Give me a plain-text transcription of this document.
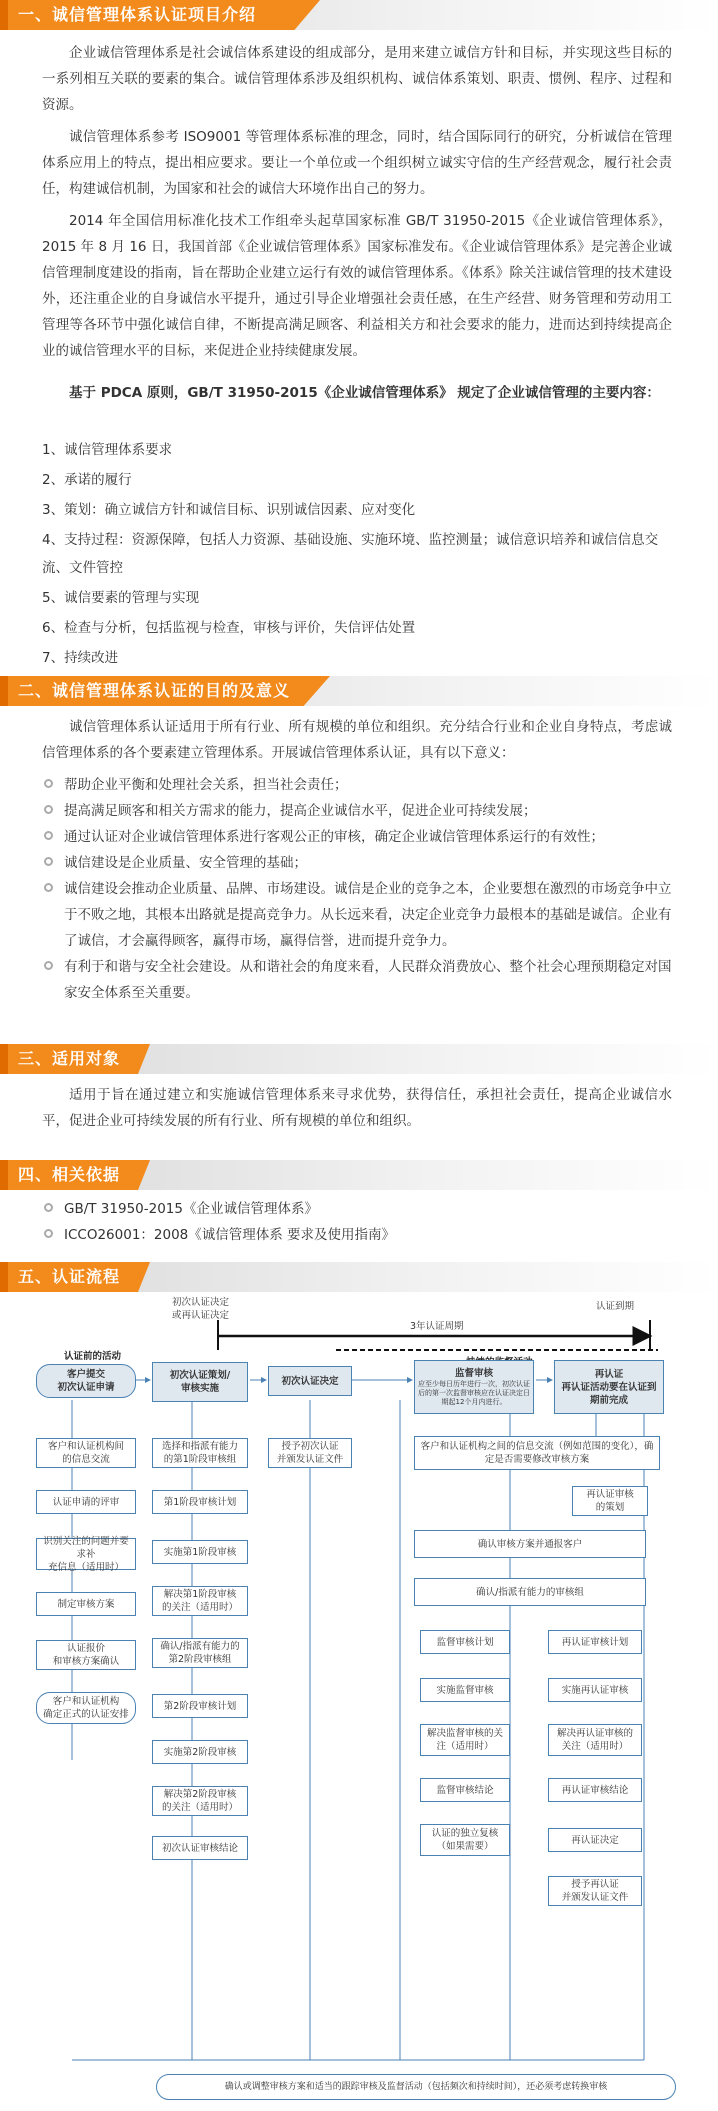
一、诚信管理体系认证项目介绍

企业诚信管理体系是社会诚信体系建设的组成部分，是用来建立诚信方针和目标，并实现这些目标的一系列相互关联的要素的集合。诚信管理体系涉及组织机构、诚信体系策划、职责、惯例、程序、过程和资源。

诚信管理体系参考 ISO9001 等管理体系标准的理念，同时，结合国际同行的研究，分析诚信在管理体系应用上的特点，提出相应要求。要让一个单位或一个组织树立诚实守信的生产经营观念，履行社会责任，构建诚信机制，为国家和社会的诚信大环境作出自己的努力。

2014 年全国信用标准化技术工作组牵头起草国家标准 GB/T 31950-2015《企业诚信管理体系》，2015 年 8 月 16 日，我国首部《企业诚信管理体系》国家标准发布。《企业诚信管理体系》是完善企业诚信管理制度建设的指南，旨在帮助企业建立运行有效的诚信管理体系。《体系》除关注诚信管理的技术建设外，还注重企业的自身诚信水平提升，通过引导企业增强社会责任感，在生产经营、财务管理和劳动用工管理等各环节中强化诚信自律，不断提高满足顾客、利益相关方和社会要求的能力，进而达到持续提高企业的诚信管理水平的目标，来促进企业持续健康发展。

基于 PDCA 原则，GB/T 31950-2015《企业诚信管理体系》 规定了企业诚信管理的主要内容：

1、诚信管理体系要求
2、承诺的履行
3、策划：确立诚信方针和诚信目标、识别诚信因素、应对变化
4、支持过程：资源保障，包括人力资源、基础设施、实施环境、监控测量；诚信意识培养和诚信信息交流、文件管控
5、诚信要素的管理与实现
6、检查与分析，包括监视与检查，审核与评价，失信评估处置
7、持续改进
二、诚信管理体系认证的目的及意义

诚信管理体系认证适用于所有行业、所有规模的单位和组织。充分结合行业和企业自身特点，考虑诚信管理体系的各个要素建立管理体系。开展诚信管理体系认证，具有以下意义：

帮助企业平衡和处理社会关系，担当社会责任；
提高满足顾客和相关方需求的能力，提高企业诚信水平，促进企业可持续发展；
通过认证对企业诚信管理体系进行客观公正的审核，确定企业诚信管理体系运行的有效性；
诚信建设是企业质量、安全管理的基础；
诚信建设会推动企业质量、品牌、市场建设。诚信是企业的竞争之本，企业要想在激烈的市场竞争中立于不败之地，其根本出路就是提高竞争力。从长远来看，决定企业竞争力最根本的基础是诚信。企业有了诚信，才会赢得顾客，赢得市场，赢得信誉，进而提升竞争力。
有利于和谐与安全社会建设。从和谐社会的角度来看，人民群众消费放心、整个社会心理预期稳定对国家安全体系至关重要。
三、适用对象

适用于旨在通过建立和实施诚信管理体系来寻求优势，获得信任，承担社会责任，提高企业诚信水平，促进企业可持续发展的所有行业、所有规模的单位和组织。

四、相关依据
GB/T 31950-2015《企业诚信管理体系》
ICCO26001：2008《诚信管理体系 要求及使用指南》
五、认证流程
初次认证决定
或再认证决定
认证到期
3年认证周期
认证前的活动
客户提交
初次认证申请
初次认证策划/
审核实施
初次认证决定
监督审核
应至少每日历年进行一次，初次认证后的第一次监督审核应在认证决定日期起12个月内进行。
再认证
再认证活动要在认证到期前完成
客户和认证机构间
的信息交流
认证申请的评审
识别关注的问题并要求补
充信息（适用时）
制定审核方案
认证报价
和审核方案确认
客户和认证机构
确定正式的认证安排
选择和指派有能力
的第1阶段审核组
第1阶段审核计划
实施第1阶段审核
解决第1阶段审核
的关注（适用时）
确认/指派有能力的
第2阶段审核组
第2阶段审核计划
实施第2阶段审核
解决第2阶段审核
的关注（适用时）
初次认证审核结论
授予初次认证
并颁发认证文件
客户和认证机构之间的信息交流（例如范围的变化），确定是否需要修改审核方案
再认证审核
的策划
确认审核方案并通报客户
确认/指派有能力的审核组
监督审核计划
实施监督审核
解决监督审核的关
注（适用时）
监督审核结论
认证的独立复核
（如果需要）
再认证审核计划
实施再认证审核
解决再认证审核的
关注（适用时）
再认证审核结论
再认证决定
授予再认证
并颁发认证文件
确认或调整审核方案和适当的跟踪审核及监督活动（包括频次和持续时间），还必须考虑转换审核
